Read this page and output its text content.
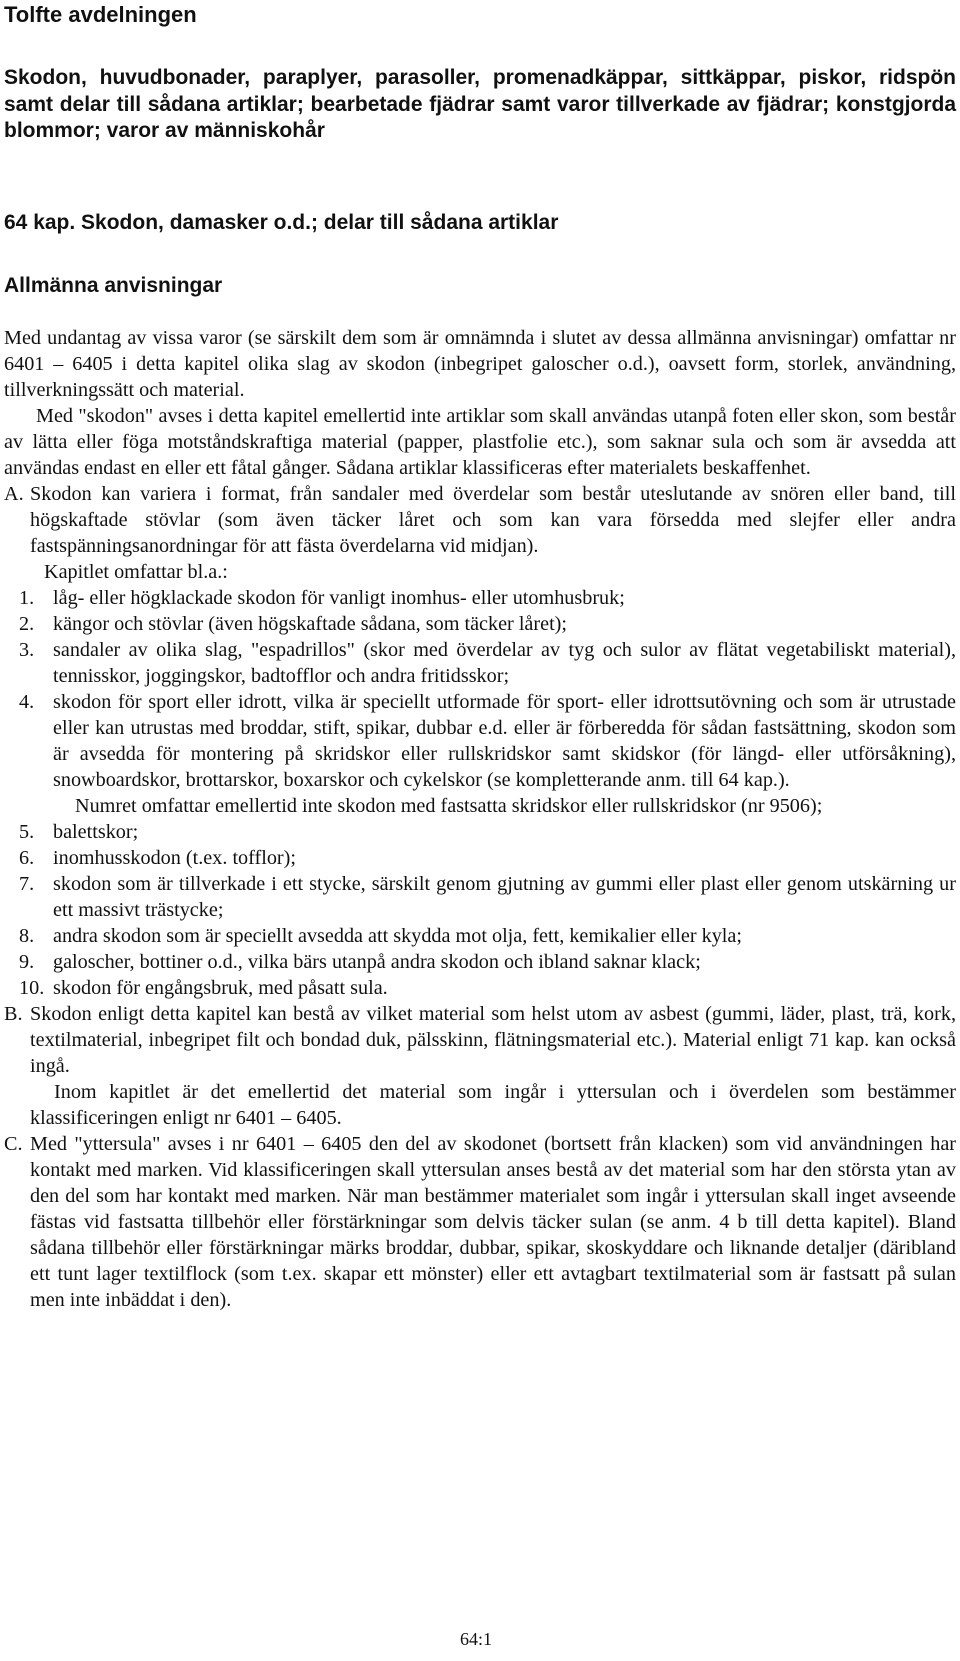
Tolfte avdelningen

Skodon, huvudbonader, paraplyer, parasoller, promenadkäppar, sittkäppar, piskor, ridspön samt delar till sådana artiklar; bearbetade fjädrar samt varor tillverkade av fjädrar; konstgjorda blommor; varor av människohår

64 kap. Skodon, damasker o.d.; delar till sådana artiklar
Allmänna anvisningar

Med undantag av vissa varor (se särskilt dem som är omnämnda i slutet av dessa allmänna anvisningar) omfattar nr 6401 – 6405 i detta kapitel olika slag av skodon (inbegripet galoscher o.d.), oavsett form, storlek, användning, tillverkningssätt och material.

Med "skodon" avses i detta kapitel emellertid inte artiklar som skall användas utanpå foten eller skon, som består av lätta eller föga motståndskraftiga material (papper, plastfolie etc.), som saknar sula och som är avsedda att användas endast en eller ett fåtal gånger. Sådana artiklar klassificeras efter materialets beskaffenhet.

A. Skodon kan variera i format, från sandaler med överdelar som består uteslutande av snören eller band, till högskaftade stövlar (som även täcker låret och som kan vara försedda med slejfer eller andra fastspänningsanordningar för att fästa överdelarna vid midjan).

Kapitlet omfattar bl.a.:

1. låg- eller högklackade skodon för vanligt inomhus- eller utomhusbruk;
2. kängor och stövlar (även högskaftade sådana, som täcker låret);
3. sandaler av olika slag, "espadrillos" (skor med överdelar av tyg och sulor av flätat vegetabiliskt material), tennisskor, joggingskor, badtofflor och andra fritidsskor;
4. skodon för sport eller idrott, vilka är speciellt utformade för sport- eller idrottsutövning och som är utrustade eller kan utrustas med broddar, stift, spikar, dubbar e.d. eller är förberedda för sådan fastsättning, skodon som är avsedda för montering på skridskor eller rullskridskor samt skidskor (för längd- eller utförsåkning), snowboardskor, brottarskor, boxarskor och cykelskor (se kompletterande anm. till 64 kap.).

Numret omfattar emellertid inte skodon med fastsatta skridskor eller rullskridskor (nr 9506);

5. balettskor;
6. inomhusskodon (t.ex. tofflor);
7. skodon som är tillverkade i ett stycke, särskilt genom gjutning av gummi eller plast eller genom utskärning ur ett massivt trästycke;
8. andra skodon som är speciellt avsedda att skydda mot olja, fett, kemikalier eller kyla;
9. galoscher, bottiner o.d., vilka bärs utanpå andra skodon och ibland saknar klack;
10. skodon för engångsbruk, med påsatt sula.
B. Skodon enligt detta kapitel kan bestå av vilket material som helst utom av asbest (gummi, läder, plast, trä, kork, textilmaterial, inbegripet filt och bondad duk, pälsskinn, flätningsmaterial etc.). Material enligt 71 kap. kan också ingå.

Inom kapitlet är det emellertid det material som ingår i yttersulan och i överdelen som bestämmer klassificeringen enligt nr 6401 – 6405.

C. Med "yttersula" avses i nr 6401 – 6405 den del av skodonet (bortsett från klacken) som vid användningen har kontakt med marken. Vid klassificeringen skall yttersulan anses bestå av det material som har den största ytan av den del som har kontakt med marken. När man bestämmer materialet som ingår i yttersulan skall inget avseende fästas vid fastsatta tillbehör eller förstärkningar som delvis täcker sulan (se anm. 4 b till detta kapitel). Bland sådana tillbehör eller förstärkningar märks broddar, dubbar, spikar, skoskyddare och liknande detaljer (däribland ett tunt lager textilflock (som t.ex. skapar ett mönster) eller ett avtagbart textilmaterial som är fastsatt på sulan men inte inbäddat i den).

64:1
